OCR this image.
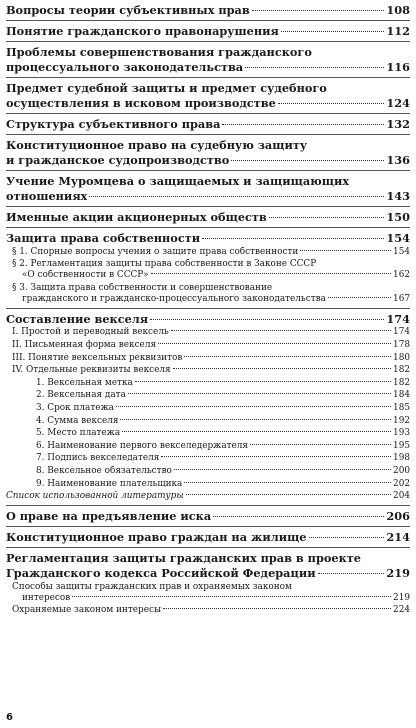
Вопросы теории субъективных прав	108
Понятие гражданского правонарушения	112
Проблемы совершенствования гражданского
процессуального законодательства	116
Предмет судебной защиты и предмет судебного
осуществления в исковом производстве	124
Структура субъективного права	132
Конституционное право на судебную защиту
и гражданское судопроизводство	136
Учение Муромцева о защищаемых и защищающих
отношениях	143
Именные акции акционерных обществ	150
Защита права собственности	154
§ 1. Спорные вопросы учения о защите права собственности	154
§ 2. Регламентация защиты права собственности в Законе СССР
«О собственности в СССР»	162
§ 3. Защита права собственности и совершенствование
гражданского и гражданско-процессуального законодательства	167
Составление векселя	174
I. Простой и переводный вексель	174
II. Письменная форма векселя	178
III. Понятие вексельных реквизитов	180
IV. Отдельные реквизиты векселя	182
1. Вексельная метка	182
2. Вексельная дата	184
3. Срок платежа	185
4. Сумма векселя	192
5. Место платежа	193
6. Наименование первого векселедержателя	195
7. Подпись векселедателя	198
8. Вексельное обязательство	200
9. Наименование плательщика	202
Список использованной литературы	204
О праве на предъявление иска	206
Конституционное право граждан на жилище	214
Регламентация защиты гражданских прав в проекте
Гражданского кодекса Российской Федерации	219
Способы защиты гражданских прав и охраняемых законом
интересов	219
Охраняемые законом интересы	224
6
